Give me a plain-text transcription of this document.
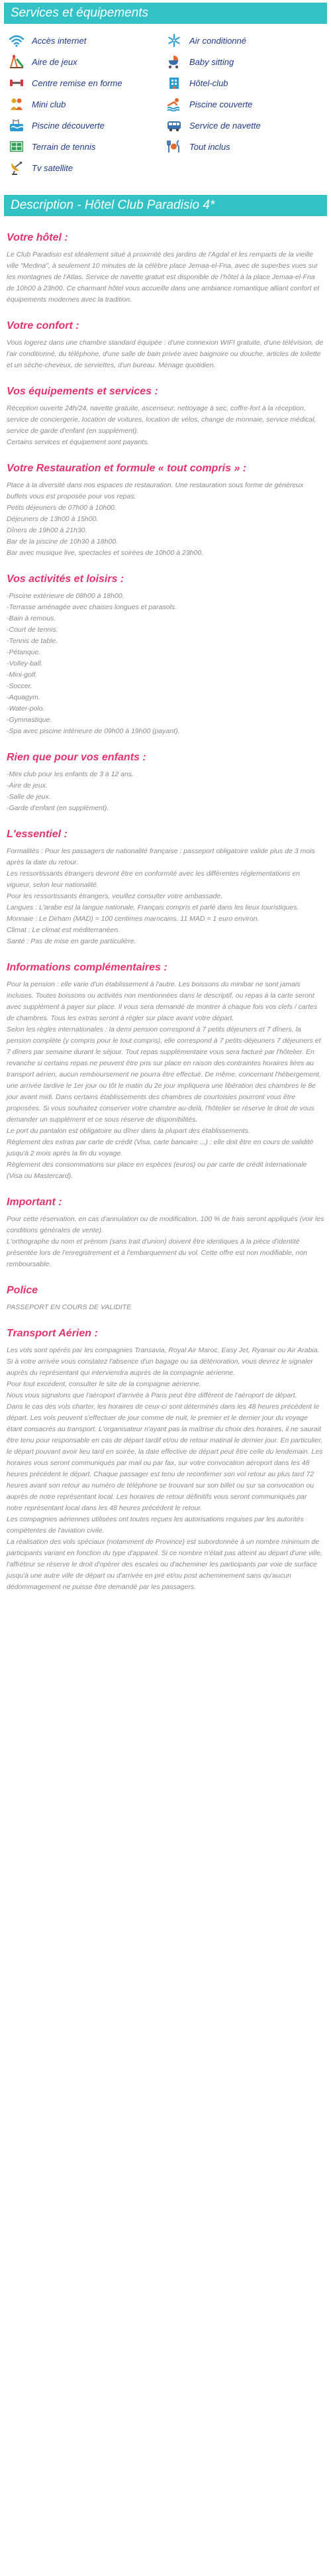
Services et équipements
Accès internet	Air conditionné
Aire de jeux	Baby sitting
Centre remise en forme	Hôtel-club
Mini club	Piscine couverte
Piscine découverte	Service de navette
Terrain de tennis	Tout inclus
Tv satellite
Description - Hôtel Club Paradisio 4*
Votre hôtel :

Le Club Paradisio est idéalement situé à proximité des jardins de l'Agdal et les remparts de la vieille ville "Medina", à seulement 10 minutes de la célèbre place Jemaa-el-Fna, avec de superbes vues sur les montagnes de l'Atlas. Service de navette gratuit est disponible de l'hôtel à la place Jemaa-el-Fna de 10h00 à 23h00. Ce charmant hôtel vous accueille dans une ambiance romantique alliant confort et équipements modernes avec la tradition.

Votre confort :

Vous logerez dans une chambre standard équipée : d'une connexion WIFI gratuite, d'une télévision, de l'air conditionné, du téléphone, d'une salle de bain privée avec baignoire ou douche, articles de toilette et un sèche-cheveux, de serviettes, d'un bureau. Ménage quotidien.

Vos équipements et services :

Réception ouverte 24h/24, navette gratuite, ascenseur, nettoyage à sec, coffre-fort à la réception, service de conciergerie, location de voitures, location de vélos, change de monnaie, service médical, service de garde d'enfant (en supplément).

Certains services et équipement sont payants.

Votre Restauration et formule « tout compris » :

Place à la diversité dans nos espaces de restauration. Une restauration sous forme de généreux buffets vous est proposée pour vos repas.

Petits déjeuners de 07h00 à 10h00.

Déjeuners de 13h00 à 15h00.

Dîners de 19h00 à 21h30.

Bar de la piscine de 10h30 à 18h00.

Bar avec musique live, spectacles et soirées de 10h00 à 23h00.

Vos activités et loisirs :

-Piscine extérieure de 08h00 à 18h00.

-Terrasse aménagée avec chaises longues et parasols.

-Bain à remous.

-Court de tennis.

-Tennis de table.

-Pétanque.

-Volley-ball.

-Mini-golf.

-Soccer.

-Aquagym.

-Water-polo.

-Gymnastique.

-Spa avec piscine intérieure de 09h00 à 19h00 (payant).

Rien que pour vos enfants :

-Mini club pour les enfants de 3 à 12 ans.

-Aire de jeux.

-Salle de jeux.

-Garde d'enfant (en supplément).

L'essentiel :

Formalités : Pour les passagers de nationalité française : passeport obligatoire valide plus de 3 mois après la date du retour.

Les ressortissants étrangers devront être en conformité avec les différentes réglementations en vigueur, selon leur nationalité.

Pour les ressortissants étrangers, veuillez consulter votre ambassade.

Langues : L'arabe est la langue nationale, Français compris et parlé dans les lieux touristiques. Monnaie : Le Dirham (MAD) = 100 centimes marocains. 11 MAD = 1 euro environ.

Climat : Le climat est méditerranéen.

Santé : Pas de mise en garde particulière.

Informations complémentaires :

Pour la pension : elle varie d'un établissement à l'autre. Les boissons du minibar ne sont jamais incluses. Toutes boissons ou activités non mentionnées dans le descriptif, ou repas à la carte seront avec supplément à payer sur place. Il vous sera demandé de montrer à chaque fois vos clefs / cartes de chambres. Tous les extras seront à régler sur place avant votre départ.

Selon les règles internationales : la demi pension correspond à 7 petits déjeuners et 7 dîners, la pension complète (y compris pour le tout compris), elle correspond à 7 petits-déjeuners 7 déjeuners et 7 dîners par semaine durant le séjour. Tout repas supplémentaire vous sera facturé par l'hôtelier. En revanche si certains repas ne peuvent être pris sur place en raison des contraintes horaires liées au transport aérien, aucun remboursement ne pourra être effectué. De même, concernant l'hébergement, une arrivée tardive le 1er jour ou tôt le matin du 2e jour impliquera une libération des chambres le 8e jour avant midi. Dans certains établissements des chambres de courtoisies pourront vous être proposées. Si vous souhaitez conserver votre chambre au-delà, l'hôtelier se réserve le droit de vous demander un supplément et ce sous réserve de disponibilités.

Le port du pantalon est obligatoire au dîner dans la plupart des établissements.

Règlement des extras par carte de crédit (Visa, carte bancaire ...) : elle doit être en cours de validité jusqu'à 2 mois après la fin du voyage.

Règlement des consommations sur place en espèces (euros) ou par carte de crédit internationale (Visa ou Mastercard).

Important :

Pour cette réservation, en cas d'annulation ou de modification, 100 % de frais seront appliqués (voir les conditions générales de vente).

L'orthographe du nom et prénom (sans trait d'union) doivent être identiques à la pièce d'identité présentée lors de l'enregistrement et à l'embarquement du vol. Cette offre est non modifiable, non remboursable.

Police

PASSEPORT EN COURS DE VALIDITE

Transport Aérien :

Les vols sont opérés par les compagnies Transavia, Royal Air Maroc, Easy Jet, Ryanair ou Air Arabia.

Si à votre arrivée vous constatez l'absence d'un bagage ou sa détérioration, vous devrez le signaler auprès du représentant qui interviendra auprès de la compagnie aérienne.

Pour tout excédent, consulter le site de la compagnie aérienne.

Nous vous signalons que l'aéroport d'arrivée à Paris peut être différent de l'aéroport de départ.

Dans le cas des vols charter, les horaires de ceux-ci sont déterminés dans les 48 heures précédent le départ. Les vols peuvent s'effectuer de jour comme de nuit, le premier et le dernier jour du voyage étant consacrés au transport. L'organisateur n'ayant pas la maîtrise du choix des horaires, il ne saurait être tenu pour responsable en cas de départ tardif et/ou de retour matinal le dernier jour. En particulier, le départ pouvant avoir lieu tard en soirée, la date effective de départ peut être celle du lendemain. Les horaires vous seront communiqués par mail ou par fax, sur votre convocation aéroport dans les 48 heures précédent le départ. Chaque passager est tenu de reconfirmer son vol retour au plus tard 72 heures avant son retour au numéro de téléphone se trouvant sur son billet ou sur sa convocation ou auprès de notre représentant local. Les horaires de retour définitifs vous seront communiqués par notre représentant local dans les 48 heures précédent le retour.

Les compagnies aériennes utilisées ont toutes reçues les autorisations requises par les autorités compétentes de l'aviation civile.

La réalisation des vols spéciaux (notamment de Province) est subordonnée à un nombre minimum de participants variant en fonction du type d'appareil. Si ce nombre n'était pas atteint au départ d'une ville, l'affréteur se réserve le droit d'opérer des escales ou d'acheminer les participants par voie de surface jusqu'à une autre ville de départ ou d'arrivée en pré et/ou post acheminement sans qu'aucun dédommagement ne puisse être demandé par les passagers.
